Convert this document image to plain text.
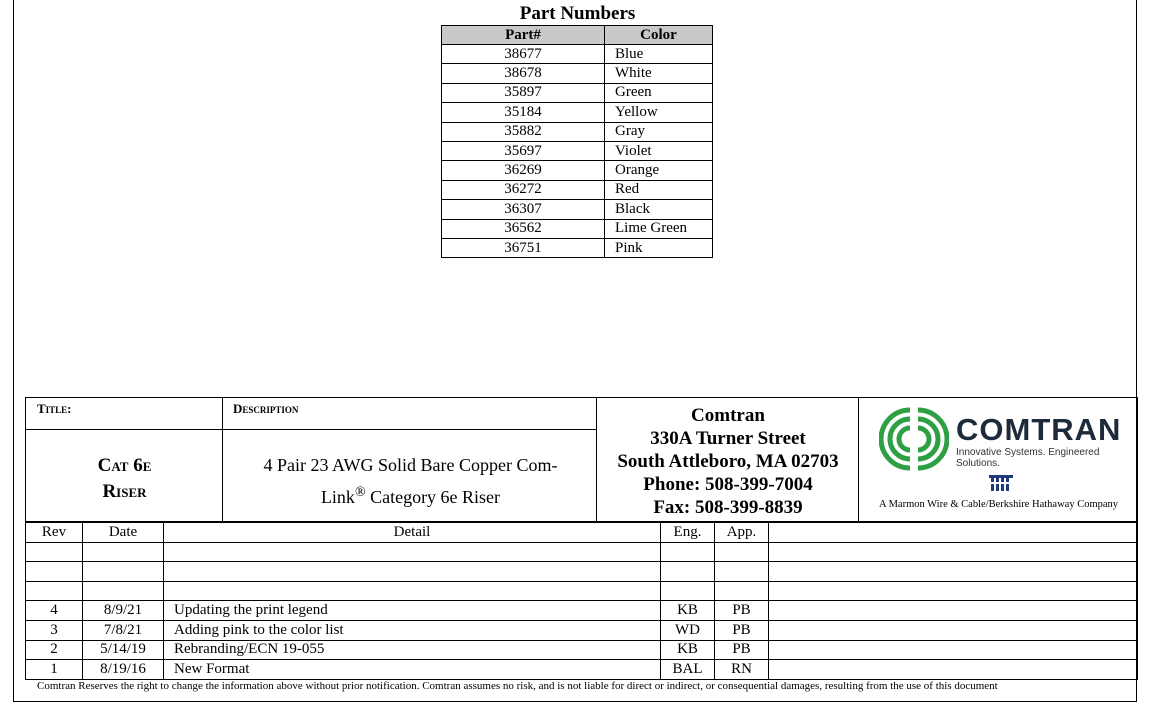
Part Numbers
Part#	Color
38677	Blue
38678	White
35897	Green
35184	Yellow
35882	Gray
35697	Violet
36269	Orange
36272	Red
36307	Black
36562	Lime Green
36751	Pink
Title:	Description
Cat 6e
Riser
4 Pair 23 AWG Solid Bare Copper Com-
Link® Category 6e Riser
Comtran
330A Turner Street
South Attleboro, MA 02703
Phone: 508-399-7004
Fax: 508-399-8839
COMTRAN
Innovative Systems. Engineered Solutions.
A Marmon Wire & Cable/Berkshire Hathaway Company
Rev	Date	Detail	Eng.	App.	

4	8/9/21	Updating the print legend	KB	PB	
3	7/8/21	Adding pink to the color list	WD	PB	
2	5/14/19	Rebranding/ECN 19-055	KB	PB	
1	8/19/16	New Format	BAL	RN	
Comtran Reserves the right to change the information above without prior notification. Comtran assumes no risk, and is not liable for direct or indirect, or consequential damages, resulting from the use of this document
